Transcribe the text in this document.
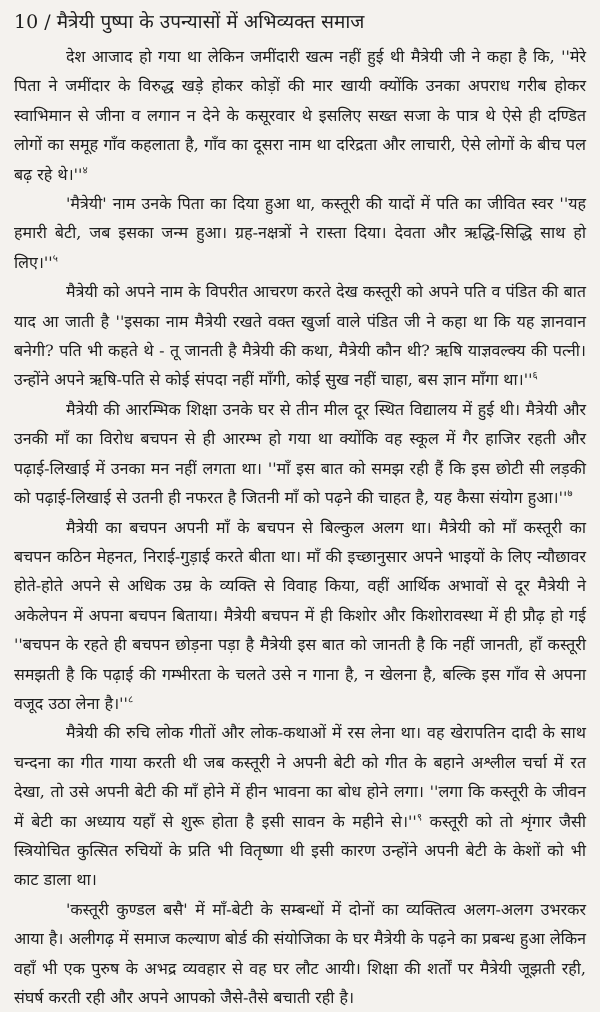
10 / मैत्रेयी पुष्पा के उपन्यासों में अभिव्यक्त समाज

देश आजाद हो गया था लेकिन जमींदारी खत्म नहीं हुई थी मैत्रेयी जी ने कहा है कि, ''मेरे पिता ने जमींदार के विरुद्ध खड़े होकर कोड़ों की मार खायी क्योंकि उनका अपराध गरीब होकर स्वाभिमान से जीना व लगान न देने के कसूरवार थे इसलिए सख्त सजा के पात्र थे ऐसे ही दण्डित लोगों का समूह गाँव कहलाता है, गाँव का दूसरा नाम था दरिद्रता और लाचारी, ऐसे लोगों के बीच पल बढ़ रहे थे।''$^४$

'मैत्रेयी' नाम उनके पिता का दिया हुआ था, कस्तूरी की यादों में पति का जीवित स्वर ''यह हमारी बेटी, जब इसका जन्म हुआ। ग्रह-नक्षत्रों ने रास्ता दिया। देवता और ऋद्धि-सिद्धि साथ हो लिए।''$^५$

मैत्रेयी को अपने नाम के विपरीत आचरण करते देख कस्तूरी को अपने पति व पंडित की बात याद आ जाती है ''इसका नाम मैत्रेयी रखते वक्त खुर्जा वाले पंडित जी ने कहा था कि यह ज्ञानवान बनेगी? पति भी कहते थे - तू जानती है मैत्रेयी की कथा, मैत्रेयी कौन थी? ऋषि याज्ञवल्क्य की पत्नी। उन्होंने अपने ऋषि-पति से कोई संपदा नहीं माँगी, कोई सुख नहीं चाहा, बस ज्ञान माँगा था।''$^६$

मैत्रेयी की आरम्भिक शिक्षा उनके घर से तीन मील दूर स्थित विद्यालय में हुई थी। मैत्रेयी और उनकी माँ का विरोध बचपन से ही आरम्भ हो गया था क्योंकि वह स्कूल में गैर हाजिर रहती और पढ़ाई-लिखाई में उनका मन नहीं लगता था। ''माँ इस बात को समझ रही हैं कि इस छोटी सी लड़की को पढ़ाई-लिखाई से उतनी ही नफरत है जितनी माँ को पढ़ने की चाहत है, यह कैसा संयोग हुआ।''$^७$

मैत्रेयी का बचपन अपनी माँ के बचपन से बिल्कुल अलग था। मैत्रेयी को माँ कस्तूरी का बचपन कठिन मेहनत, निराई-गुड़ाई करते बीता था। माँ की इच्छानुसार अपने भाइयों के लिए न्यौछावर होते-होते अपने से अधिक उम्र के व्यक्ति से विवाह किया, वहीं आर्थिक अभावों से दूर मैत्रेयी ने अकेलेपन में अपना बचपन बिताया। मैत्रेयी बचपन में ही किशोर और किशोरावस्था में ही प्रौढ़ हो गई ''बचपन के रहते ही बचपन छोड़ना पड़ा है मैत्रेयी इस बात को जानती है कि नहीं जानती, हाँ कस्तूरी समझती है कि पढ़ाई की गम्भीरता के चलते उसे न गाना है, न खेलना है, बल्कि इस गाँव से अपना वजूद उठा लेना है।''$^८$

मैत्रेयी की रुचि लोक गीतों और लोक-कथाओं में रस लेना था। वह खेरापतिन दादी के साथ चन्दना का गीत गाया करती थी जब कस्तूरी ने अपनी बेटी को गीत के बहाने अश्लील चर्चा में रत देखा, तो उसे अपनी बेटी की माँ होने में हीन भावना का बोध होने लगा। ''लगा कि कस्तूरी के जीवन में बेटी का अध्याय यहाँ से शुरू होता है इसी सावन के महीने से।''$^९$ कस्तूरी को तो शृंगार जैसी स्त्रियोचित कुत्सित रुचियों के प्रति भी वितृष्णा थी इसी कारण उन्होंने अपनी बेटी के केशों को भी काट डाला था।

'कस्तूरी कुण्डल बसै' में माँ-बेटी के सम्बन्धों में दोनों का व्यक्तित्व अलग-अलग उभरकर आया है। अलीगढ़ में समाज कल्याण बोर्ड की संयोजिका के घर मैत्रेयी के पढ़ने का प्रबन्ध हुआ लेकिन वहाँ भी एक पुरुष के अभद्र व्यवहार से वह घर लौट आयी। शिक्षा की शर्तों पर मैत्रेयी जूझती रही, संघर्ष करती रही और अपने आपको जैसे-तैसे बचाती रही है।
